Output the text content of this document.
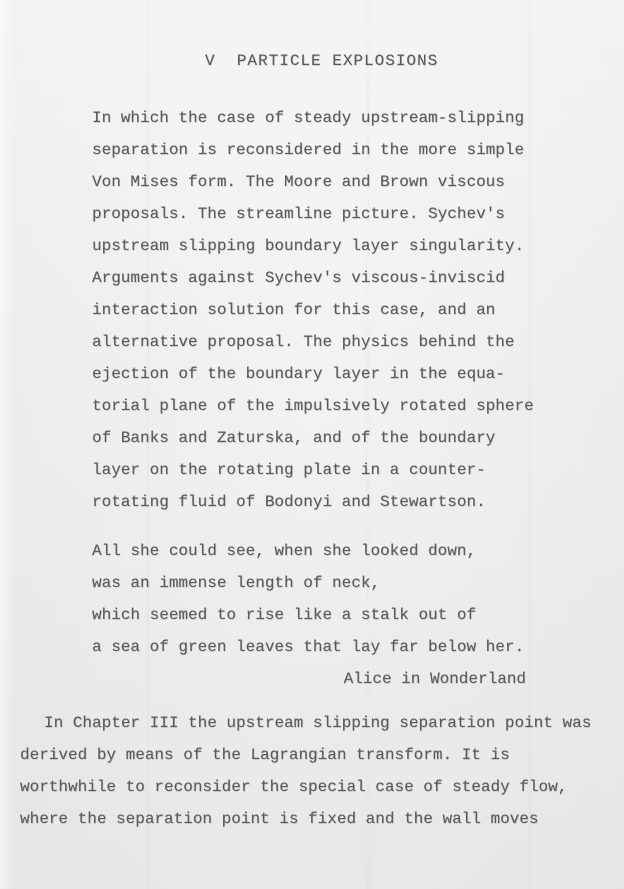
V  PARTICLE EXPLOSIONS
In which the case of steady upstream-slipping
separation is reconsidered in the more simple
Von Mises form. The Moore and Brown viscous
proposals. The streamline picture. Sychev's
upstream slipping boundary layer singularity.
Arguments against Sychev's viscous-inviscid
interaction solution for this case, and an
alternative proposal. The physics behind the
ejection of the boundary layer in the equa-
torial plane of the impulsively rotated sphere
of Banks and Zaturska, and of the boundary
layer on the rotating plate in a counter-
rotating fluid of Bodonyi and Stewartson.
All she could see, when she looked down,
was an immense length of neck,
which seemed to rise like a stalk out of
a sea of green leaves that lay far below her.
Alice in Wonderland
In Chapter III the upstream slipping separation point was
derived by means of the Lagrangian transform. It is
worthwhile to reconsider the special case of steady flow,
where the separation point is fixed and the wall moves
